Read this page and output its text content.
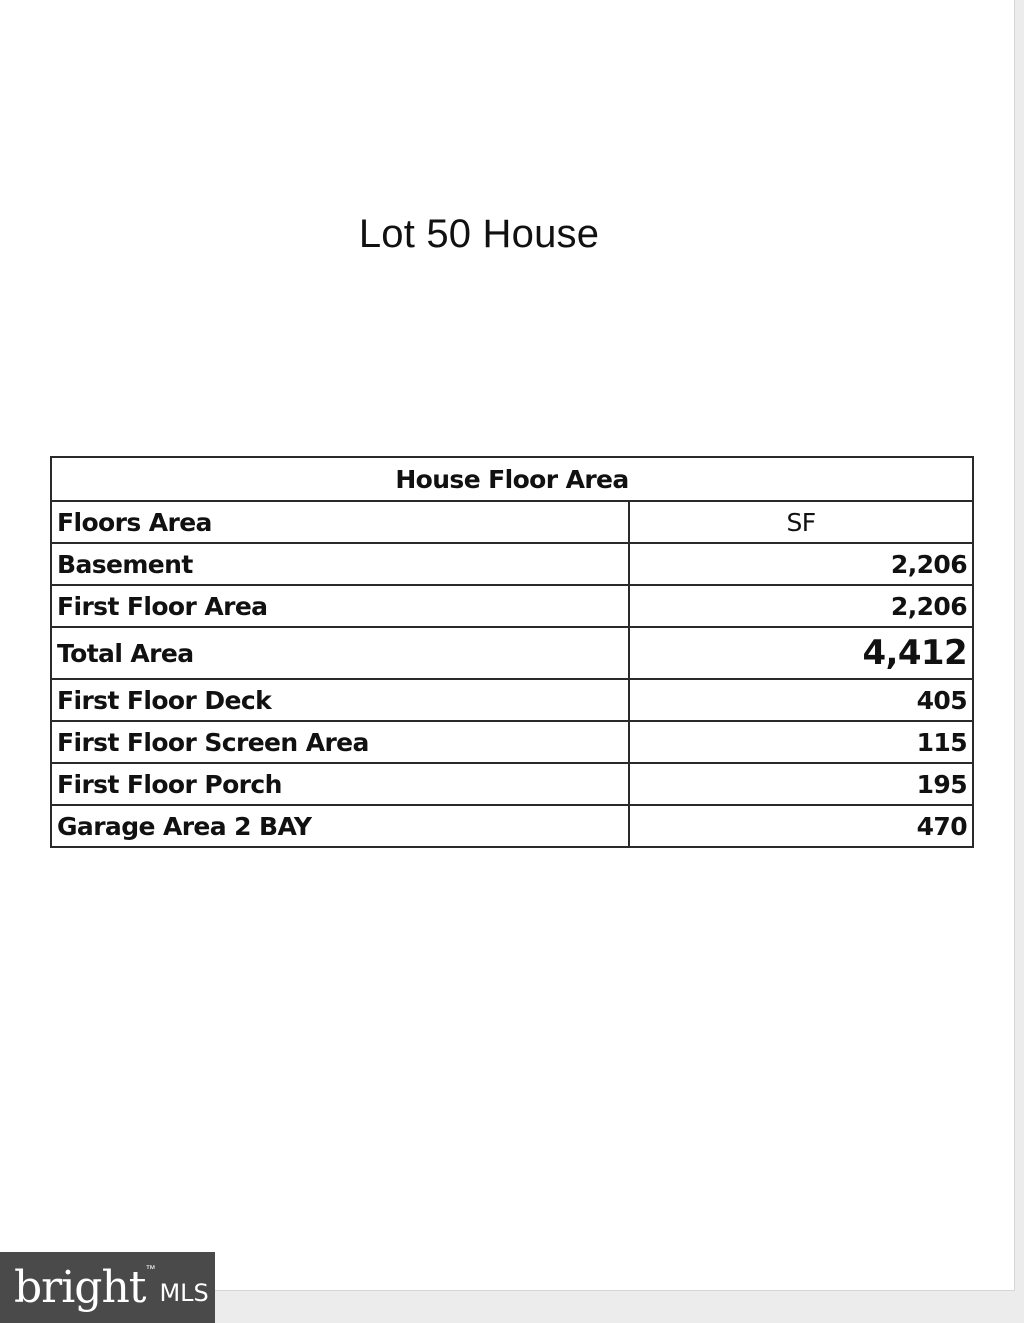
Lot 50 House
House Floor Area	
Floors Area	SF
Basement	2,206
First Floor Area	2,206
Total Area	4,412
First Floor Deck	405
First Floor Screen Area	115
First Floor Porch	195
Garage Area 2 BAY	470
bright ™
MLS
